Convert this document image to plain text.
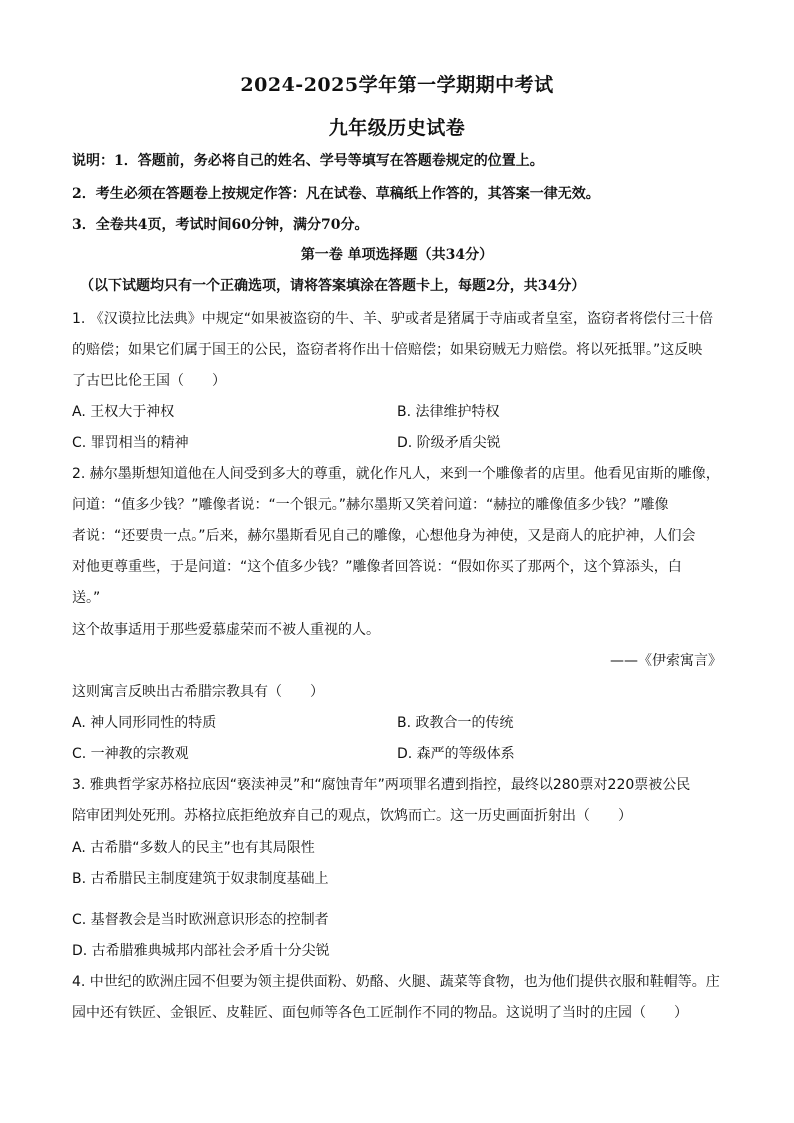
2024-2025学年第一学期期中考试
九年级历史试卷
说明：1．答题前，务必将自己的姓名、学号等填写在答题卷规定的位置上。
2．考生必须在答题卷上按规定作答：凡在试卷、草稿纸上作答的，其答案一律无效。
3．全卷共4页，考试时间60分钟，满分70分。
第一卷 单项选择题（共34分）
（以下试题均只有一个正确选项，请将答案填涂在答题卡上，每题2分，共34分）
1. 《汉谟拉比法典》中规定“如果被盗窃的牛、羊、驴或者是猪属于寺庙或者皇室，盗窃者将偿付三十倍
的赔偿；如果它们属于国王的公民，盗窃者将作出十倍赔偿；如果窃贼无力赔偿。将以死抵罪。”这反映
了古巴比伦王国（　　）
A. 王权大于神权	B. 法律维护特权
C. 罪罚相当的精神	D. 阶级矛盾尖锐
2. 赫尔墨斯想知道他在人间受到多大的尊重，就化作凡人，来到一个雕像者的店里。他看见宙斯的雕像，
问道：“值多少钱？”雕像者说：“一个银元。”赫尔墨斯又笑着问道：“赫拉的雕像值多少钱？”雕像
者说：“还要贵一点。”后来，赫尔墨斯看见自己的雕像，心想他身为神使，又是商人的庇护神，人们会
对他更尊重些，于是问道：“这个值多少钱？”雕像者回答说：“假如你买了那两个，这个算添头，白
送。”
这个故事适用于那些爱慕虚荣而不被人重视的人。
——《伊索寓言》
这则寓言反映出古希腊宗教具有（　　）
A. 神人同形同性的特质	B. 政教合一的传统
C. 一神教的宗教观	D. 森严的等级体系
3. 雅典哲学家苏格拉底因“亵渎神灵”和“腐蚀青年”两项罪名遭到指控，最终以280票对220票被公民
陪审团判处死刑。苏格拉底拒绝放弃自己的观点，饮鸩而亡。这一历史画面折射出（　　）
A. 古希腊“多数人的民主”也有其局限性
B. 古希腊民主制度建筑于奴隶制度基础上
C. 基督教会是当时欧洲意识形态的控制者
D. 古希腊雅典城邦内部社会矛盾十分尖锐
4. 中世纪的欧洲庄园不但要为领主提供面粉、奶酪、火腿、蔬菜等食物，也为他们提供衣服和鞋帽等。庄
园中还有铁匠、金银匠、皮鞋匠、面包师等各色工匠制作不同的物品。这说明了当时的庄园（　　）
